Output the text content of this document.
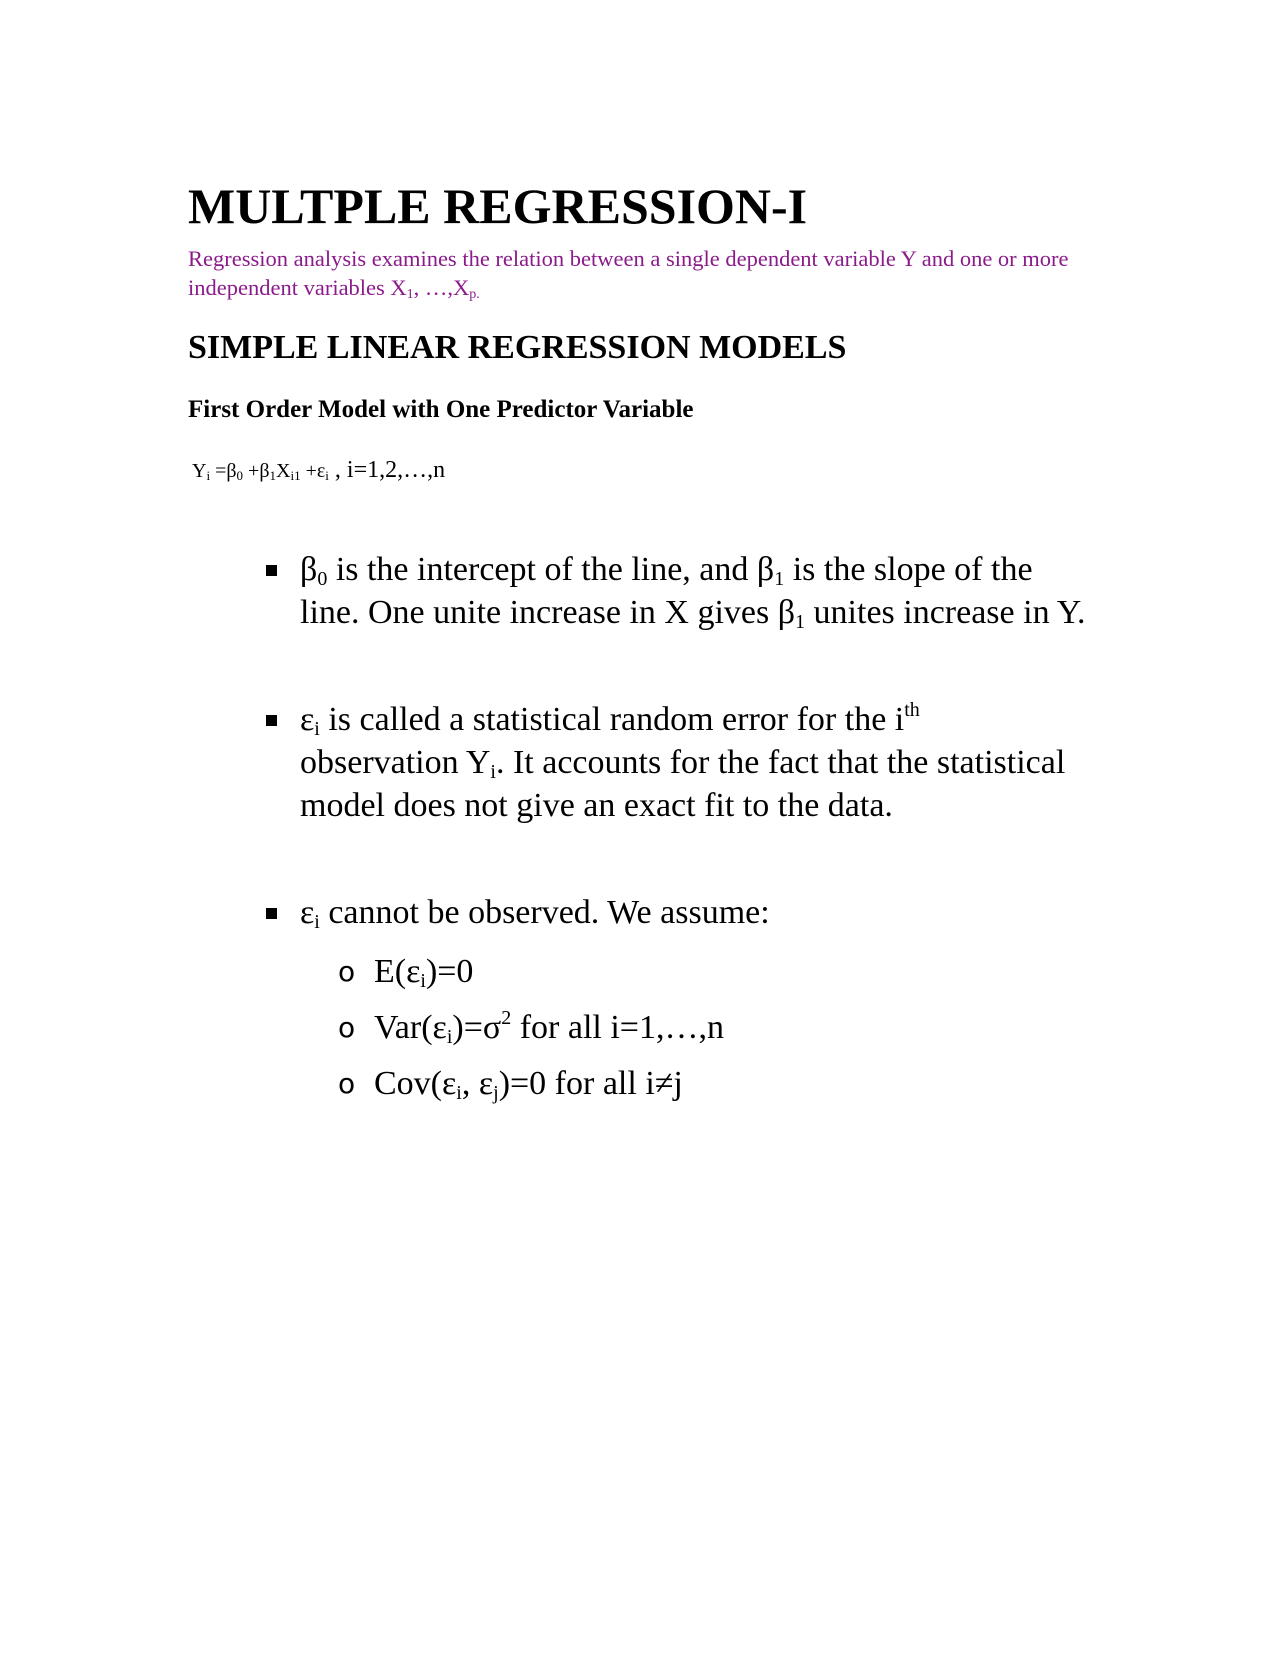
MULTPLE REGRESSION-I

Regression analysis examines the relation between a single dependent variable Y and one or more independent variables $X_1$, $\dots,X_{p.}$

SIMPLE LINEAR REGRESSION MODELS
First Order Model with One Predictor Variable

$Y_i =\beta_0 +\beta_1X_{i1} +\varepsilon_i$ , i=1,2,…,n

$\beta_0$ is the intercept of the line, and $\beta_1$ is the slope of the line. One unite increase in X gives $\beta_1$ unites increase in Y.
$\varepsilon_i$ is called a statistical random error for the $i^{th}$ observation $Y_i$. It accounts for the fact that the statistical model does not give an exact fit to the data.
$\varepsilon_i$ cannot be observed. We assume:
o $E(\varepsilon_i)=0$
o $Var(\varepsilon_i)=\sigma^2$ for all i=1,…,n
o $Cov(\varepsilon_i$, $\varepsilon_j)=0$ for all i≠j
